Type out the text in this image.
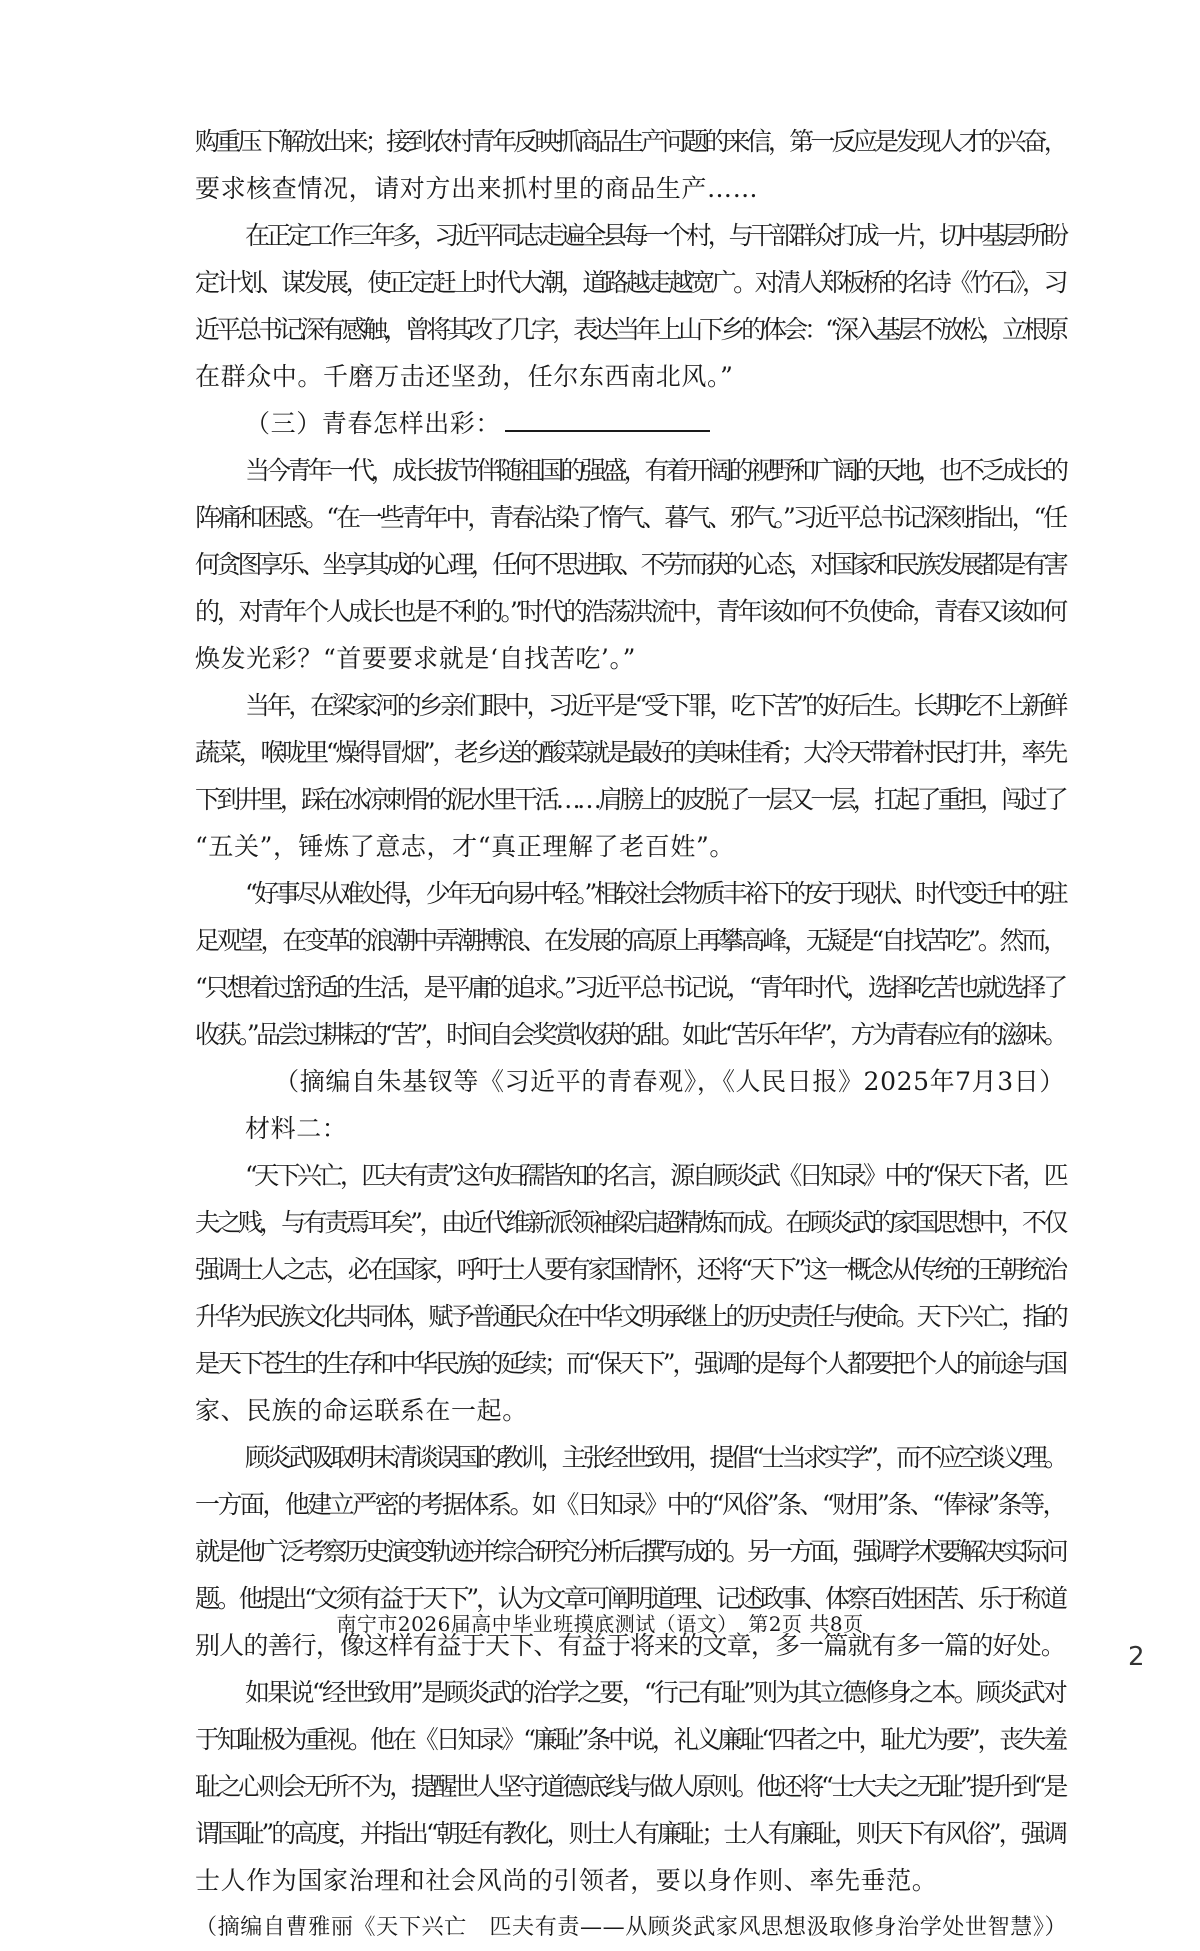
购重压下解放出来；接到农村青年反映抓商品生产问题的来信，第一反应是发现人才的兴奋，
要求核查情况，请对方出来抓村里的商品生产……
在正定工作三年多，习近平同志走遍全县每一个村，与干部群众打成一片，切中基层所盼
定计划、谋发展，使正定赶上时代大潮，道路越走越宽广。对清人郑板桥的名诗《竹石》，习
近平总书记深有感触，曾将其改了几字，表达当年上山下乡的体会：“深入基层不放松，立根原
在群众中。千磨万击还坚劲，任尔东西南北风。”
（三）青春怎样出彩：
当今青年一代，成长拔节伴随祖国的强盛，有着开阔的视野和广阔的天地，也不乏成长的
阵痛和困惑。“在一些青年中，青春沾染了惰气、暮气、邪气。”习近平总书记深刻指出，“任
何贪图享乐、坐享其成的心理，任何不思进取、不劳而获的心态，对国家和民族发展都是有害
的，对青年个人成长也是不利的。”时代的浩荡洪流中，青年该如何不负使命，青春又该如何
焕发光彩？“首要要求就是‘自找苦吃’。”
当年，在梁家河的乡亲们眼中，习近平是“受下罪，吃下苦”的好后生。长期吃不上新鲜
蔬菜，喉咙里“燥得冒烟”，老乡送的酸菜就是最好的美味佳肴；大冷天带着村民打井，率先
下到井里，踩在冰凉刺骨的泥水里干活……肩膀上的皮脱了一层又一层，扛起了重担，闯过了
“五关”，锤炼了意志，才“真正理解了老百姓”。
“好事尽从难处得，少年无向易中轻。”相较社会物质丰裕下的安于现状、时代变迁中的驻
足观望，在变革的浪潮中弄潮搏浪、在发展的高原上再攀高峰，无疑是“自找苦吃”。然而，
“只想着过舒适的生活，是平庸的追求。”习近平总书记说，“青年时代，选择吃苦也就选择了
收获。”品尝过耕耘的“苦”，时间自会奖赏收获的甜。如此“苦乐年华”，方为青春应有的滋味。
（摘编自朱基钗等《习近平的青春观》，《人民日报》2025年7月3日）
材料二：
“天下兴亡，匹夫有责”这句妇孺皆知的名言，源自顾炎武《日知录》中的“保天下者，匹
夫之贱，与有责焉耳矣”，由近代维新派领袖梁启超精炼而成。在顾炎武的家国思想中，不仅
强调士人之志，必在国家，呼吁士人要有家国情怀，还将“天下”这一概念从传统的王朝统治
升华为民族文化共同体，赋予普通民众在中华文明承继上的历史责任与使命。天下兴亡，指的
是天下苍生的生存和中华民族的延续；而“保天下”，强调的是每个人都要把个人的前途与国
家、民族的命运联系在一起。
顾炎武吸取明末清谈误国的教训，主张经世致用，提倡“士当求实学”，而不应空谈义理。
一方面，他建立严密的考据体系。如《日知录》中的“风俗”条、“财用”条、“俸禄”条等，
就是他广泛考察历史演变轨迹并综合研究分析后撰写成的。另一方面，强调学术要解决实际问
题。他提出“文须有益于天下”，认为文章可阐明道理、记述政事、体察百姓困苦、乐于称道
别人的善行，像这样有益于天下、有益于将来的文章，多一篇就有多一篇的好处。
如果说“经世致用”是顾炎武的治学之要，“行己有耻”则为其立德修身之本。顾炎武对
于知耻极为重视。他在《日知录》“廉耻”条中说，礼义廉耻“四者之中，耻尤为要”，丧失羞
耻之心则会无所不为，提醒世人坚守道德底线与做人原则。他还将“士大夫之无耻”提升到“是
谓国耻”的高度，并指出“朝廷有教化，则士人有廉耻；士人有廉耻，则天下有风俗”，强调
士人作为国家治理和社会风尚的引领者，要以身作则、率先垂范。
（摘编自曹雅丽《天下兴亡　匹夫有责——从顾炎武家风思想汲取修身治学处世智慧》）
南宁市2026届高中毕业班摸底测试（语文）　第2页 共8页
2
